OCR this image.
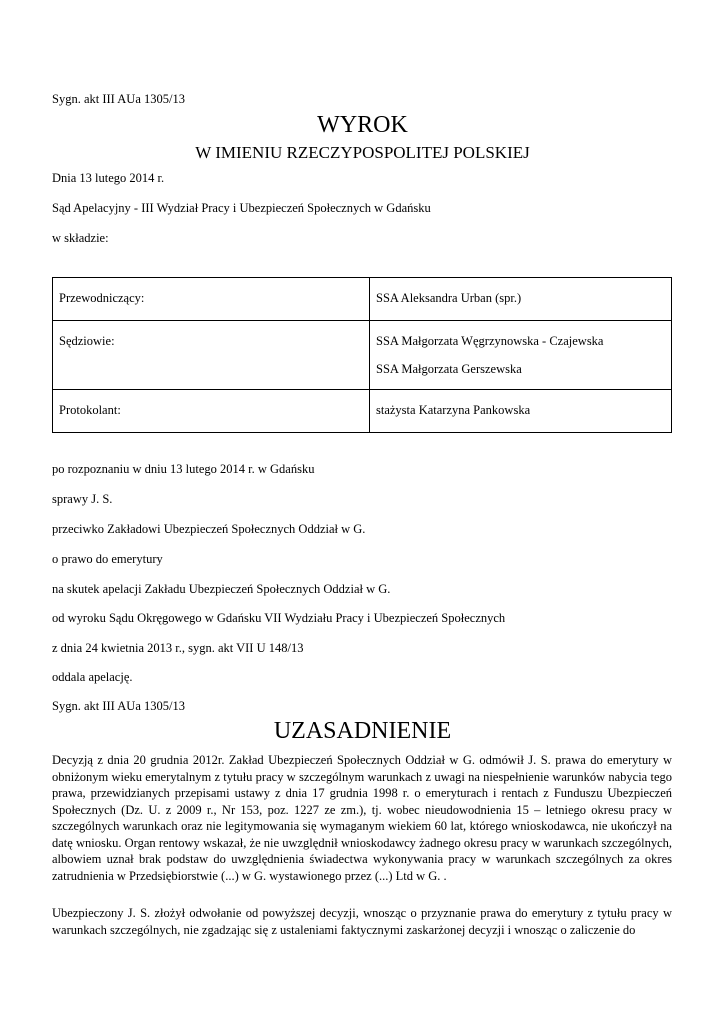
Sygn. akt III AUa 1305/13
WYROK
W IMIENIU RZECZYPOSPOLITEJ POLSKIEJ
Dnia 13 lutego 2014 r.
Sąd Apelacyjny - III Wydział Pracy i Ubezpieczeń Społecznych w Gdańsku
w składzie:
Przewodniczący:	SSA Aleksandra Urban (spr.)
Sędziowie:	SSA Małgorzata Węgrzynowska - Czajewska
SSA Małgorzata Gerszewska

Protokolant:	stażysta Katarzyna Pankowska
po rozpoznaniu w dniu 13 lutego 2014 r. w Gdańsku
sprawy J. S.
przeciwko Zakładowi Ubezpieczeń Społecznych Oddział w G.
o prawo do emerytury
na skutek apelacji Zakładu Ubezpieczeń Społecznych Oddział w G.
od wyroku Sądu Okręgowego w Gdańsku VII Wydziału Pracy i Ubezpieczeń Społecznych
z dnia 24 kwietnia 2013 r., sygn. akt VII U 148/13
oddala apelację.
Sygn. akt III AUa 1305/13
UZASADNIENIE
Decyzją z dnia 20 grudnia 2012r. Zakład Ubezpieczeń Społecznych Oddział w G. odmówił J. S. prawa do emerytury w obniżonym wieku emerytalnym z tytułu pracy w szczególnym warunkach z uwagi na niespełnienie warunków nabycia tego prawa, przewidzianych przepisami ustawy z dnia 17 grudnia 1998 r. o emeryturach i rentach z Funduszu Ubezpieczeń Społecznych (Dz. U. z 2009 r., Nr 153, poz. 1227 ze zm.), tj. wobec nieudowodnienia 15 – letniego okresu pracy w szczególnych warunkach oraz nie legitymowania się wymaganym wiekiem 60 lat, którego wnioskodawca, nie ukończył na datę wniosku. Organ rentowy wskazał, że nie uwzględnił wnioskodawcy żadnego okresu pracy w warunkach szczególnych, albowiem uznał brak podstaw do uwzględnienia świadectwa wykonywania pracy w warunkach szczególnych za okres zatrudnienia w Przedsiębiorstwie (...) w G. wystawionego przez (...) Ltd w G. .
Ubezpieczony J. S. złożył odwołanie od powyższej decyzji, wnosząc o przyznanie prawa do emerytury z tytułu pracy w warunkach szczególnych, nie zgadzając się z ustaleniami faktycznymi zaskarżonej decyzji i wnosząc o zaliczenie do
